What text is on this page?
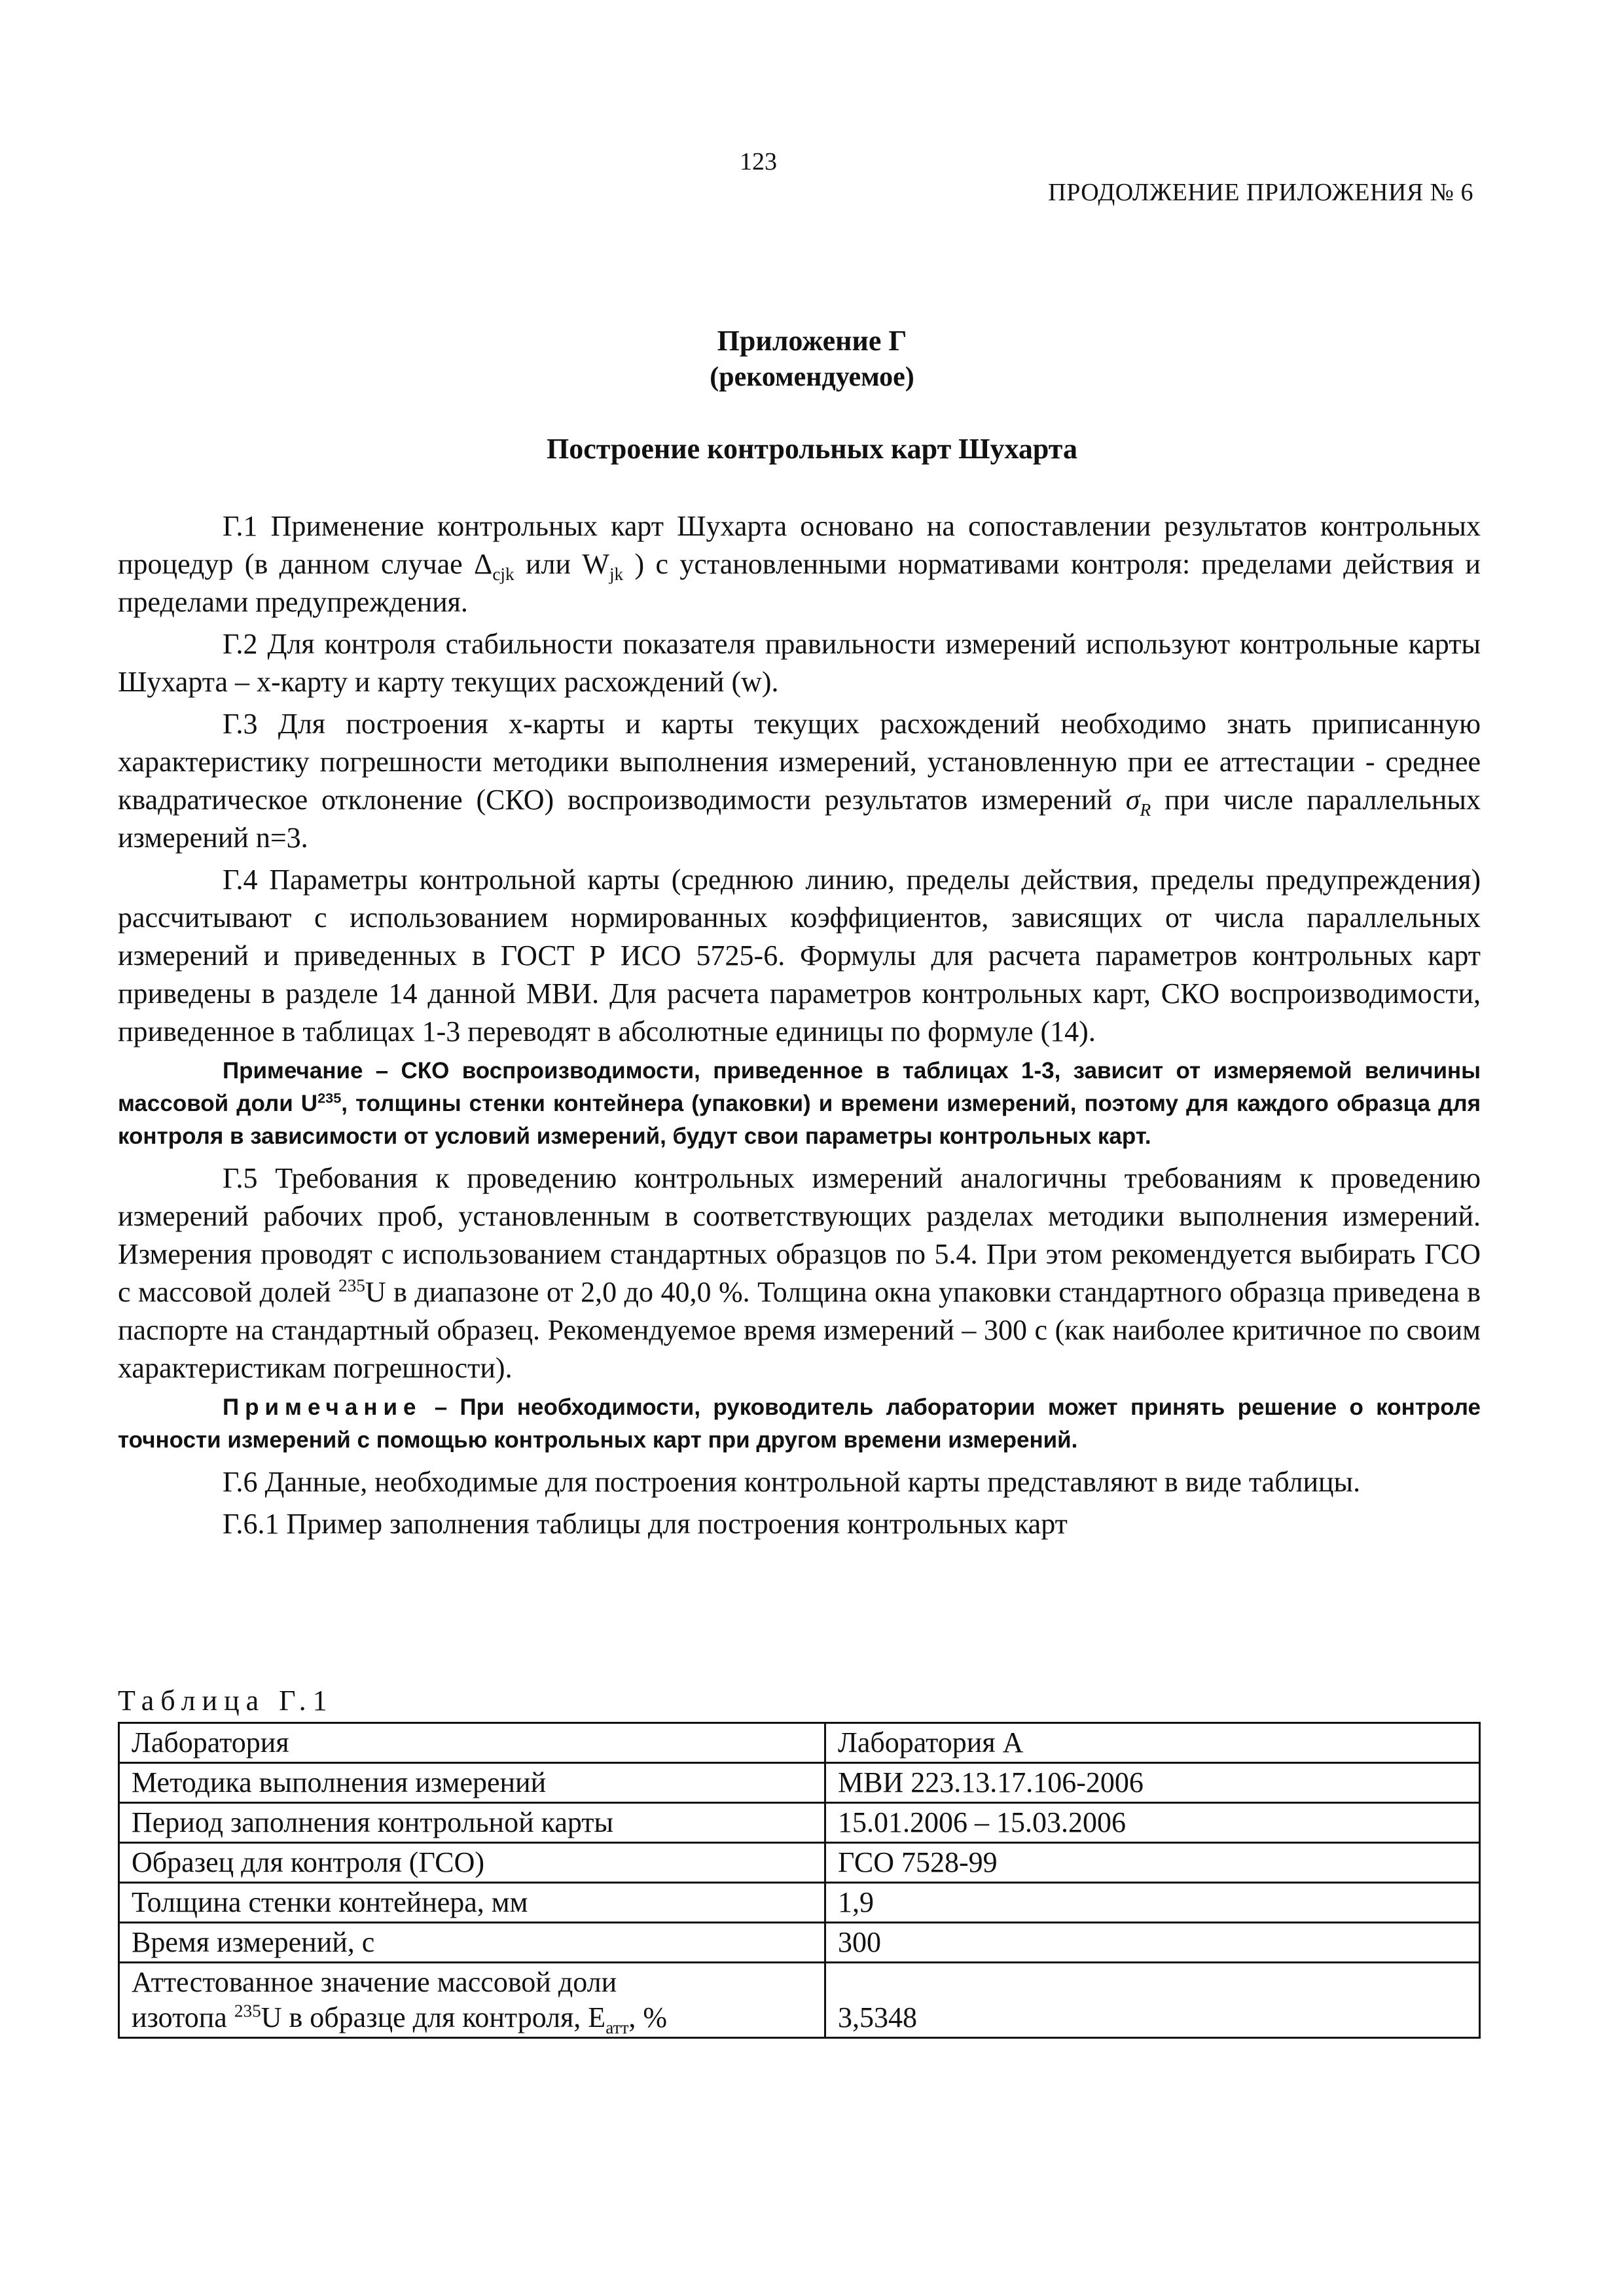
123
ПРОДОЛЖЕНИЕ ПРИЛОЖЕНИЯ № 6
Приложение Г
(рекомендуемое)
Построение контрольных карт Шухарта

Г.1 Применение контрольных карт Шухарта основано на сопоставлении результатов контрольных процедур (в данном случае $\Delta_{cjk}$ или $W_{jk}$ ) с установленными нормативами контроля: пределами действия и пределами предупреждения.

Г.2 Для контроля стабильности показателя правильности измерений используют контрольные карты Шухарта – х-карту и карту текущих расхождений (w).

Г.3 Для построения х-карты и карты текущих расхождений необходимо знать приписанную характеристику погрешности методики выполнения измерений, установленную при ее аттестации - среднее квадратическое отклонение (СКО) воспроизводимости результатов измерений $\sigma_R$ при числе параллельных измерений n=3.

Г.4 Параметры контрольной карты (среднюю линию, пределы действия, пределы предупреждения) рассчитывают с использованием нормированных коэффициентов, зависящих от числа параллельных измерений и приведенных в ГОСТ Р ИСО 5725-6. Формулы для расчета параметров контрольных карт приведены в разделе 14 данной МВИ. Для расчета параметров контрольных карт, СКО воспроизводимости, приведенное в таблицах 1-3 переводят в абсолютные единицы по формуле (14).

Примечание – СКО воспроизводимости, приведенное в таблицах 1-3, зависит от измеряемой величины массовой доли $U^{235}$, толщины стенки контейнера (упаковки) и времени измерений, поэтому для каждого образца для контроля в зависимости от условий измерений, будут свои параметры контрольных карт.

Г.5 Требования к проведению контрольных измерений аналогичны требованиям к проведению измерений рабочих проб, установленным в соответствующих разделах методики выполнения измерений. Измерения проводят с использованием стандартных образцов по 5.4. При этом рекомендуется выбирать ГСО с массовой долей $^{235}$U в диапазоне от 2,0 до 40,0 %. Толщина окна упаковки стандартного образца приведена в паспорте на стандартный образец. Рекомендуемое время измерений – 300 с (как наиболее критичное по своим характеристикам погрешности).

Примечание – При необходимости, руководитель лаборатории может принять решение о контроле точности измерений с помощью контрольных карт при другом времени измерений.

Г.6 Данные, необходимые для построения контрольной карты представляют в виде таблицы.

Г.6.1 Пример заполнения таблицы для построения контрольных карт

Таблица Г.1
Лаборатория	Лаборатория А
Методика выполнения измерений	МВИ 223.13.17.106-2006
Период заполнения контрольной карты	15.01.2006 – 15.03.2006
Образец для контроля (ГСО)	ГСО 7528-99
Толщина стенки контейнера, мм	1,9
Время измерений, с	300
Аттестованное значение массовой доли
изотопа $^{235}$U в образце для контроля, $Е_{атт}$, %	3,5348
